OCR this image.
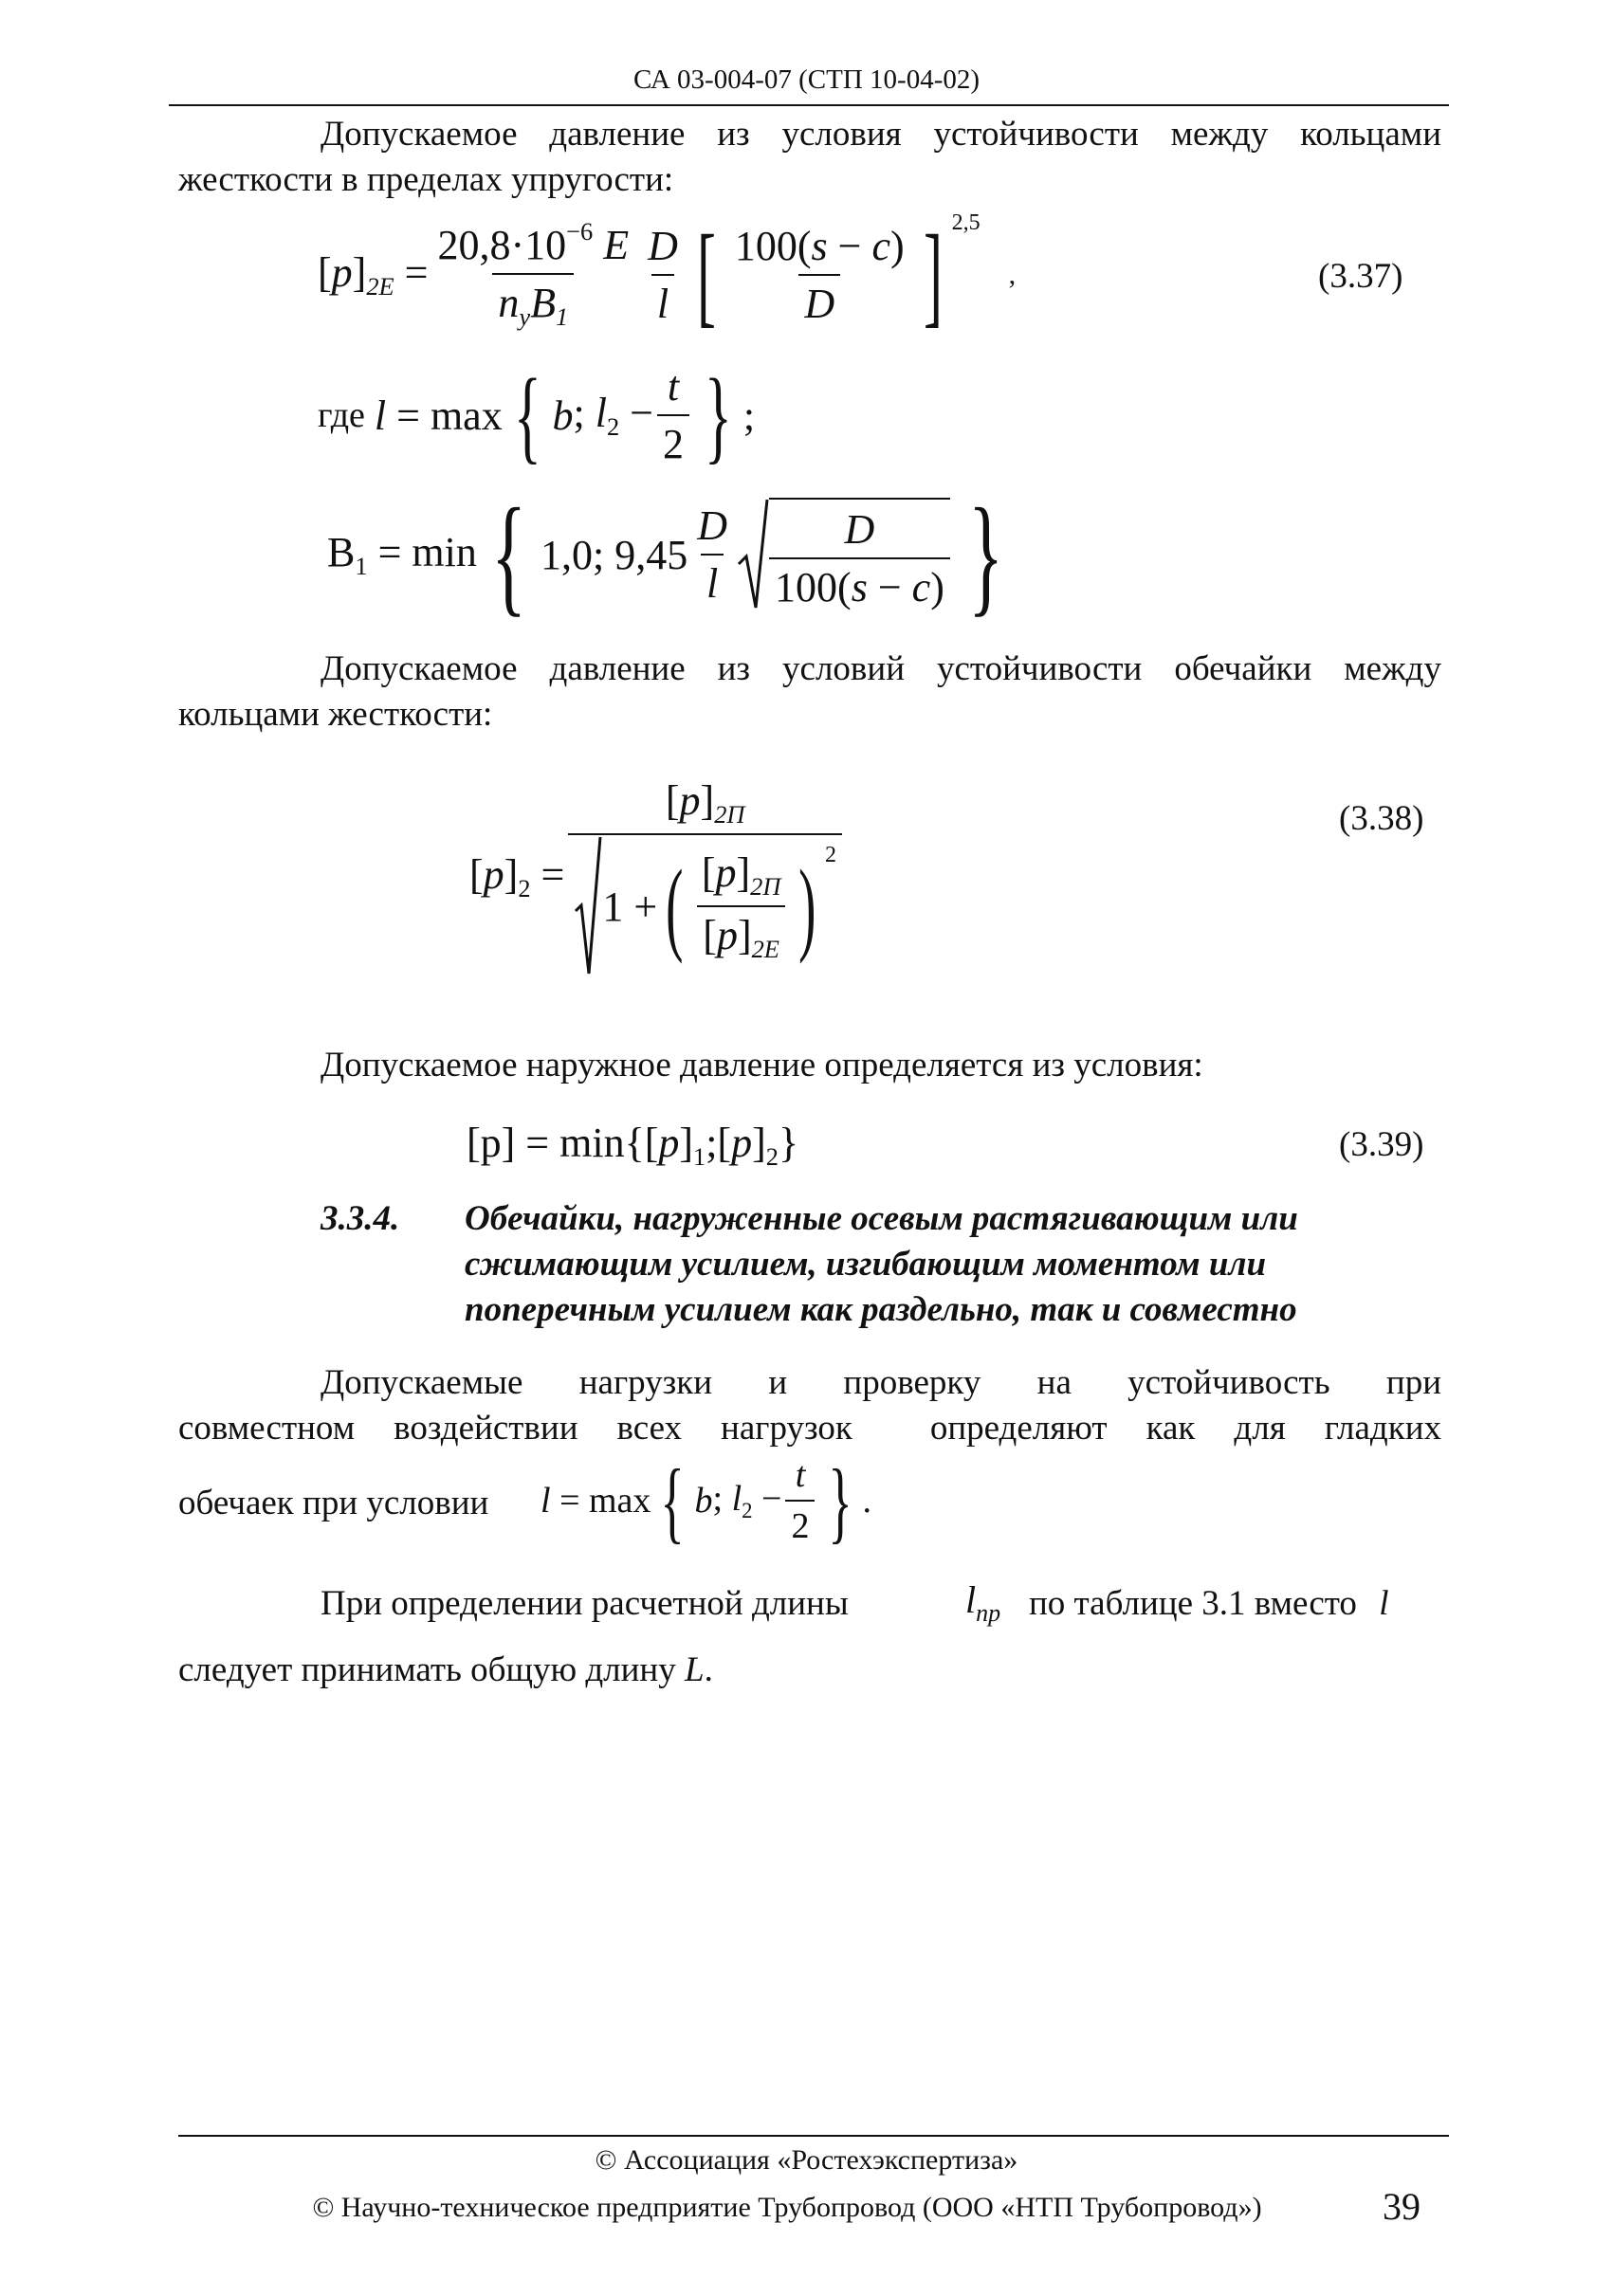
СА 03-004-07 (СТП 10-04-02)
Допускаемое давление из условия устойчивости между кольцами жесткости в пределах упругости:
$[p]_{2E} = \frac{20,8\cdot 10^{-6} E}{n_yB_1} \frac{D}{l}$ [ $\frac{100(s - c)}{D}$ ] 2,5
,	(3.37)
где l = max { b ; $l_2 - \frac{t}{2}$ } ;
$B_1 = \min$ { 1,0; $9,45 \frac{D}{l} \frac{D}{100(s - c)}$ }
Допускаемое давление из условий устойчивости обечайки между кольцами жесткости:
$[p]_2$ =
$[p]_{2П}$
1 + ( $\frac{[p]_{2П}}{[p]_{2E}}$ ) 2
(3.38)
Допускаемое наружное давление определяется из условия:
$[p] = \min\{[p]_1;[p]_2\}$	(3.39)
3.3.4. Обечайки, нагруженные осевым растягивающим или
сжимающим усилием, изгибающим моментом или
поперечным усилием как раздельно, так и совместно
Допускаемые нагрузки и проверку на устойчивость при
совместном воздействии всех нагрузок  определяют как для гладких
обечаек при условии l = max { b ; $l_2 - \frac{t}{2}$ } .
При определении расчетной длины	$l_{пр}$ по таблице 3.1 вместо l
следует принимать общую длину L.
© Ассоциация «Ростехэкспертиза»
© Научно-техническое предприятие Трубопровод (ООО «НТП Трубопровод»)	39
